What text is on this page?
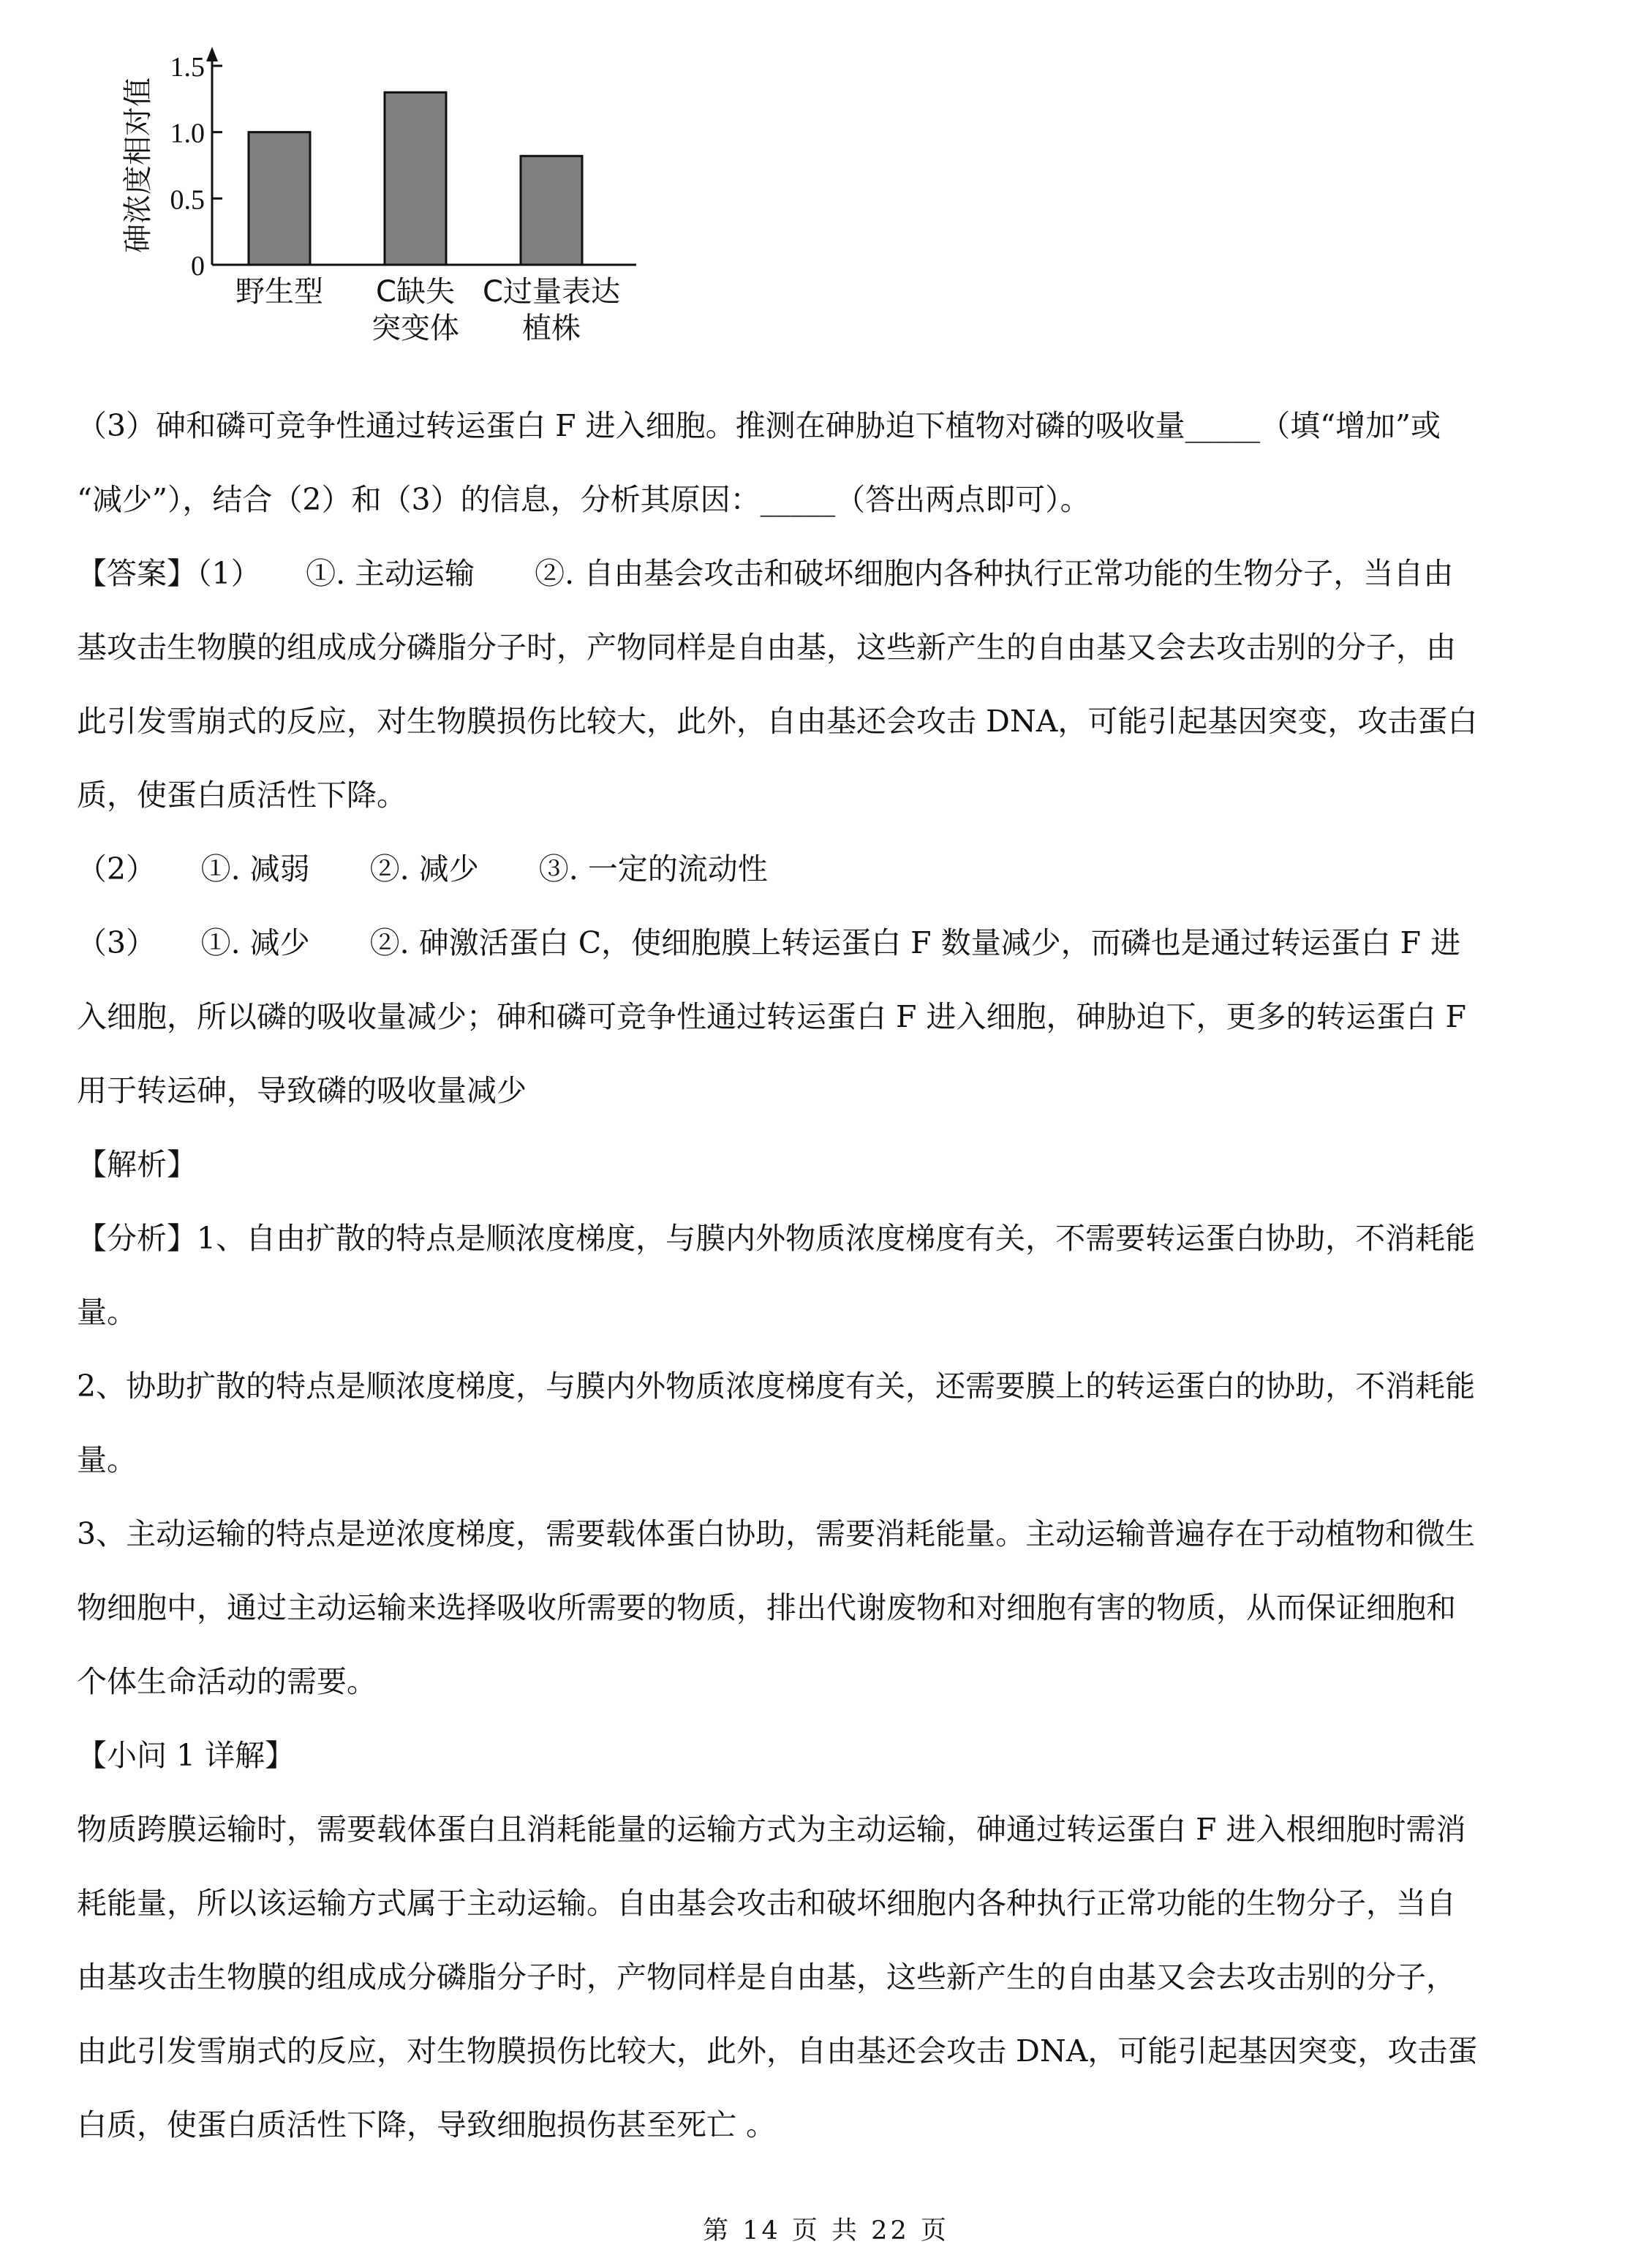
0
0.5
1.0
1.5
砷浓度相对值
野生型 C缺失
突变体
C过量表达
植株

（3）砷和磷可竞争性通过转运蛋白 F 进入细胞。推测在砷胁迫下植物对磷的吸收量_____（填“增加”或
“减少”），结合（2）和（3）的信息，分析其原因：_____（答出两点即可）。

【答案】（1）　　①. 主动运输　　②. 自由基会攻击和破坏细胞内各种执行正常功能的生物分子，当自由
基攻击生物膜的组成成分磷脂分子时，产物同样是自由基，这些新产生的自由基又会去攻击别的分子，由
此引发雪崩式的反应，对生物膜损伤比较大，此外，自由基还会攻击 DNA，可能引起基因突变，攻击蛋白
质，使蛋白质活性下降。
（2）　　①. 减弱　　②. 减少　　③. 一定的流动性
（3）　　①. 减少　　②. 砷激活蛋白 C，使细胞膜上转运蛋白 F 数量减少，而磷也是通过转运蛋白 F 进
入细胞，所以磷的吸收量减少；砷和磷可竞争性通过转运蛋白 F 进入细胞，砷胁迫下，更多的转运蛋白 F
用于转运砷，导致磷的吸收量减少

【解析】
【分析】1、自由扩散的特点是顺浓度梯度，与膜内外物质浓度梯度有关，不需要转运蛋白协助，不消耗能
量。
2、协助扩散的特点是顺浓度梯度，与膜内外物质浓度梯度有关，还需要膜上的转运蛋白的协助，不消耗能
量。
3、主动运输的特点是逆浓度梯度，需要载体蛋白协助，需要消耗能量。主动运输普遍存在于动植物和微生
物细胞中，通过主动运输来选择吸收所需要的物质，排出代谢废物和对细胞有害的物质，从而保证细胞和
个体生命活动的需要。
【小问 1 详解】
物质跨膜运输时，需要载体蛋白且消耗能量的运输方式为主动运输，砷通过转运蛋白 F 进入根细胞时需消
耗能量，所以该运输方式属于主动运输。自由基会攻击和破坏细胞内各种执行正常功能的生物分子，当自
由基攻击生物膜的组成成分磷脂分子时，产物同样是自由基，这些新产生的自由基又会去攻击别的分子，
由此引发雪崩式的反应，对生物膜损伤比较大，此外，自由基还会攻击 DNA，可能引起基因突变，攻击蛋
白质，使蛋白质活性下降，导致细胞损伤甚至死亡 。

第 14 页 共 22 页
